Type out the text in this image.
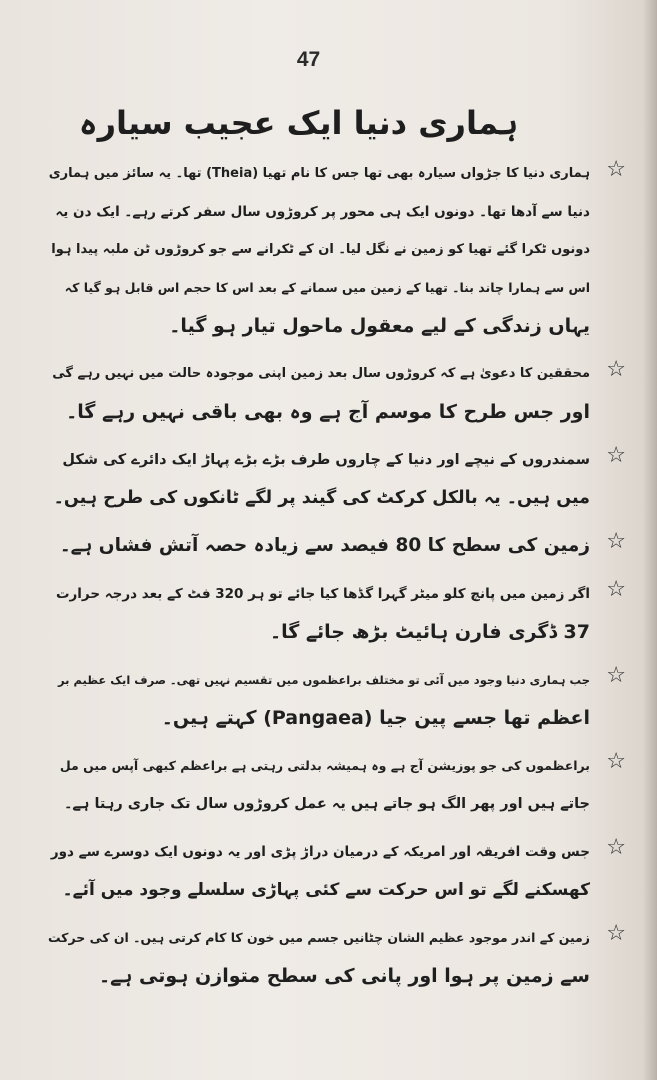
47
ہماری دنیا ایک عجیب سیارہ
☆
ہماری دنیا کا جڑواں سیارہ بھی تھا جس کا نام تھیا (Theia) تھا۔ یہ سائز میں ہماری
دنیا سے آدھا تھا۔ دونوں ایک ہی محور پر کروڑوں سال سفر کرتے رہے۔ ایک دن یہ
دونوں ٹکرا گئے تھیا کو زمین نے نگل لیا۔ ان کے ٹکرانے سے جو کروڑوں ٹن ملبہ پیدا ہوا
اس سے ہمارا چاند بنا۔ تھیا کے زمین میں سمانے کے بعد اس کا حجم اس قابل ہو گیا کہ
یہاں زندگی کے لیے معقول ماحول تیار ہو گیا۔
☆
محققین کا دعویٰ ہے کہ کروڑوں سال بعد زمین اپنی موجودہ حالت میں نہیں رہے گی
اور جس طرح کا موسم آج ہے وہ بھی باقی نہیں رہے گا۔
☆
سمندروں کے نیچے اور دنیا کے چاروں طرف بڑے بڑے پہاڑ ایک دائرے کی شکل
میں ہیں۔ یہ بالکل کرکٹ کی گیند پر لگے ٹانکوں کی طرح ہیں۔
☆
زمین کی سطح کا 80 فیصد سے زیادہ حصہ آتش فشاں ہے۔
☆
اگر زمین میں پانچ کلو میٹر گہرا گڈھا کیا جائے تو ہر 320 فٹ کے بعد درجہ حرارت
37 ڈگری فارن ہائیٹ بڑھ جائے گا۔
☆
جب ہماری دنیا وجود میں آئی تو مختلف براعظموں میں تقسیم نہیں تھی۔ صرف ایک عظیم بر
اعظم تھا جسے پین جیا (Pangaea) کہتے ہیں۔
☆
براعظموں کی جو پوزیشن آج ہے وہ ہمیشہ بدلتی رہتی ہے براعظم کبھی آپس میں مل
جاتے ہیں اور پھر الگ ہو جاتے ہیں یہ عمل کروڑوں سال تک جاری رہتا ہے۔
☆
جس وقت افریقہ اور امریکہ کے درمیان دراڑ پڑی اور یہ دونوں ایک دوسرے سے دور
کھسکنے لگے تو اس حرکت سے کئی پہاڑی سلسلے وجود میں آئے۔
☆
زمین کے اندر موجود عظیم الشان چٹانیں جسم میں خون کا کام کرتی ہیں۔ ان کی حرکت
سے زمین پر ہوا اور پانی کی سطح متوازن ہوتی ہے۔
